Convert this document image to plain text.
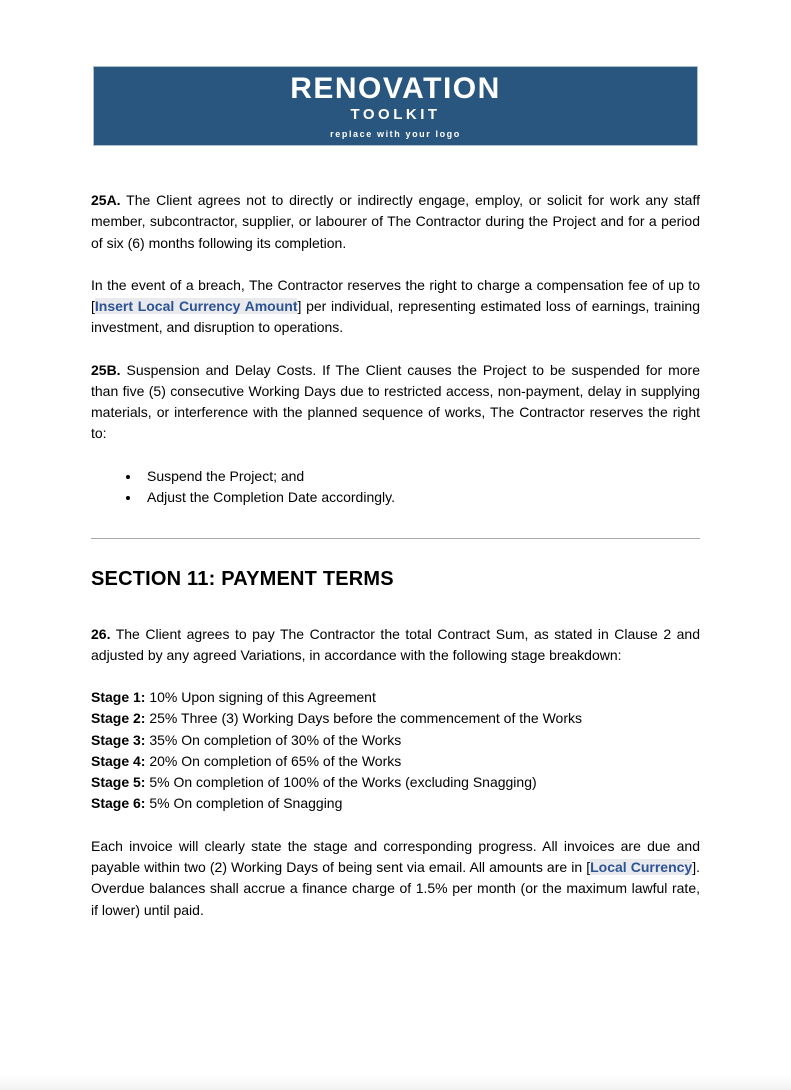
RENOVATION
TOOLKIT
replace with your logo

25A. The Client agrees not to directly or indirectly engage, employ, or solicit for work any staff member, subcontractor, supplier, or labourer of The Contractor during the Project and for a period of six (6) months following its completion.

In the event of a breach, The Contractor reserves the right to charge a compensation fee of up to [Insert Local Currency Amount] per individual, representing estimated loss of earnings, training investment, and disruption to operations.

25B. Suspension and Delay Costs. If The Client causes the Project to be suspended for more than five (5) consecutive Working Days due to restricted access, non-payment, delay in supplying materials, or interference with the planned sequence of works, The Contractor reserves the right to:

• Suspend the Project; and
• Adjust the Completion Date accordingly.
SECTION 11: PAYMENT TERMS

26. The Client agrees to pay The Contractor the total Contract Sum, as stated in Clause 2 and adjusted by any agreed Variations, in accordance with the following stage breakdown:

Stage 1: 10% Upon signing of this Agreement
Stage 2: 25% Three (3) Working Days before the commencement of the Works
Stage 3: 35% On completion of 30% of the Works
Stage 4: 20% On completion of 65% of the Works
Stage 5: 5% On completion of 100% of the Works (excluding Snagging)
Stage 6: 5% On completion of Snagging

Each invoice will clearly state the stage and corresponding progress. All invoices are due and payable within two (2) Working Days of being sent via email. All amounts are in [Local Currency]. Overdue balances shall accrue a finance charge of 1.5% per month (or the maximum lawful rate, if lower) until paid.
